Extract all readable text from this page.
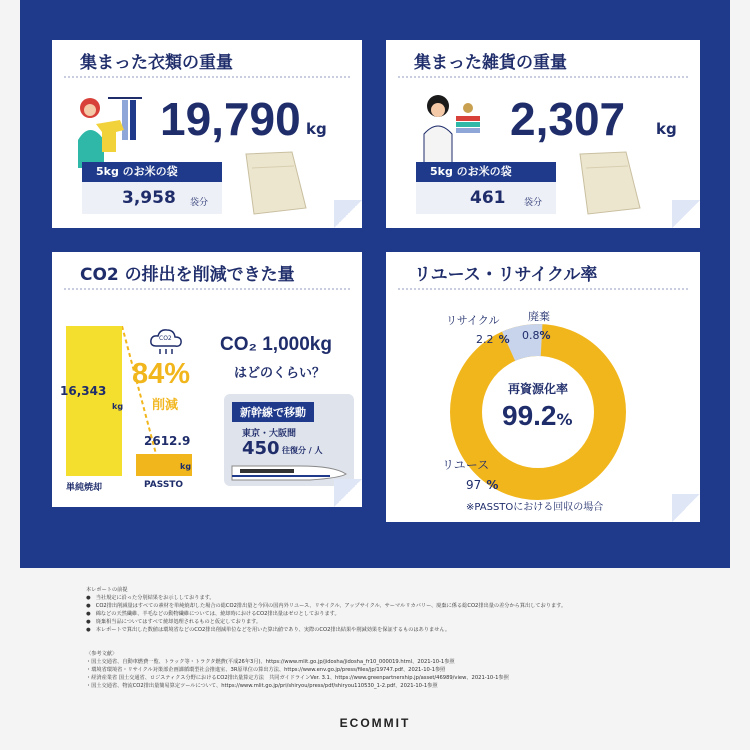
集まった衣類の重量
19,790 kg
5kg のお米の袋
3,958 袋分
集まった雑貨の重量
2,307 kg
5kg のお米の袋
461 袋分
CO2 の排出を削減できた量
16,343
kg
単純焼却
2612.9
kg
PASSTO
CO2
84%
削減
CO₂ 1,000kg
はどのくらい？
新幹線で移動
東京・大阪間
450 往復分 / 人
リユース・リサイクル率
再資源化率
99.2%
リサイクル
2.2 %
廃棄
0.8%
リユース
97 %
※PASSTOにおける回収の場合
本レポートの前提
●　当社規定に沿った分別結果をお示ししております。
●　CO2排出削減量はすべての素材を単純焼却した場合の総CO2排出量と今回の国内外リユース、リサイクル、アップサイクル、サーマルリカバリー、廃棄に係る総CO2排出量の差分から算出しております。
●　綿などの天然繊維、羊毛などの動物繊維については、焼却時におけるCO2排出量はゼロとしております。
●　廃棄相当品についてはすべて焼却処理されるものと仮定しております。
●　本レポートで算出した数値は環境省などのCO2排出削減単位などを用いた算出値であり、実際のCO2排出結果や削減効果を保証するものはありません。
〈参考文献〉
・国土交通省、自動車燃費一覧、トラック等・トラクタ燃費(平成26年3月)、https://www.mlit.go.jp/jidosha/jidosha_fr10_000019.html、2021-10-1参照
・環境省環境省・リサイクル対策部企画課循環型社会推進室、3R原単位の算出方法、https://www.env.go.jp/press/files/jp/19747.pdf、2021-10-1参照
・経済産業省 国土交通省、ロジスティクス分野におけるCO2排出量算定方法　共同ガイドラインVer. 3.1、https://www.greenpartnership.jp/asset/46989/view、2021-10-1参照
・国土交通省、物流CO2排出量簡易算定ツールについて、https://www.mlit.go.jp/pri/shiryou/press/pdf/shiryou110530_1-2.pdf、2021-10-1参照
ECOMMIT
